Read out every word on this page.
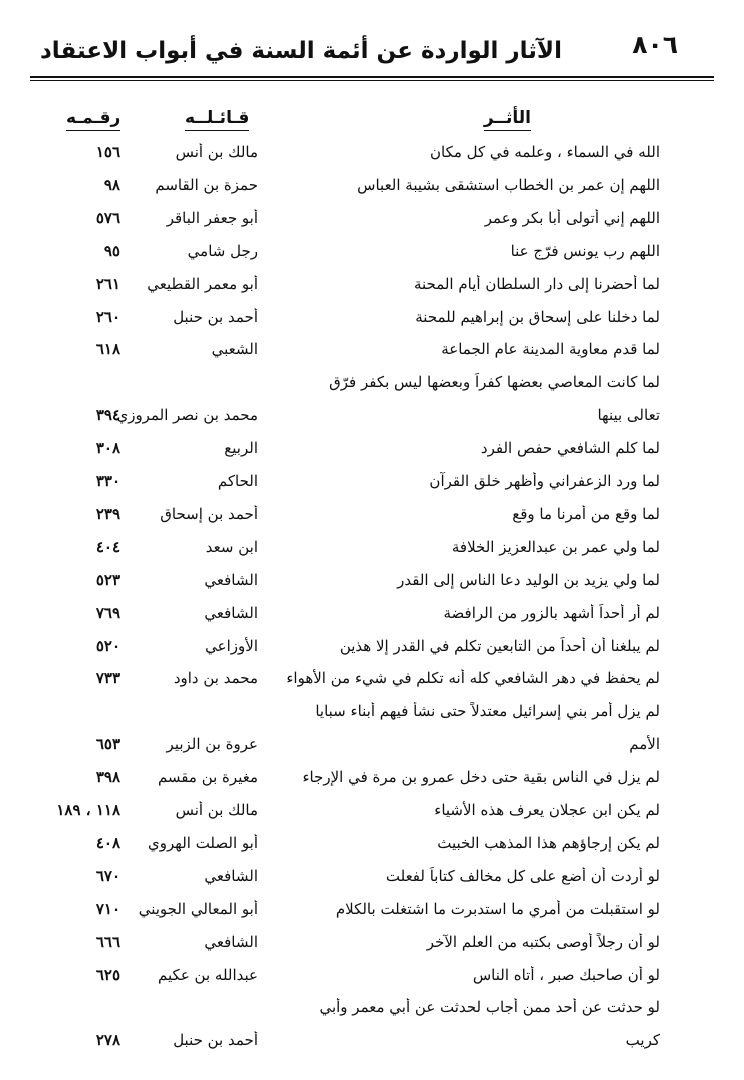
٨٠٦
الآثار الواردة عن أئمة السنة في أبواب الاعتقاد
الأثــر
قـائـلــه
رقـمـه
الله في السماء ، وعلمه في كل مكان
مالك بن أنس
١٥٦
اللهم إن عمر بن الخطاب استشقى بشيبة العباس
حمزة بن القاسم
٩٨
اللهم إني أتولى أبا بكر وعمر
أبو جعفر الباقر
٥٧٦
اللهم رب يونس فرّج عنا
رجل شامي
٩٥
لما أحضرنا إلى دار السلطان أيام المحنة
أبو معمر القطيعي
٢٦١
لما دخلنا على إسحاق بن إبراهيم للمحنة
أحمد بن حنبل
٢٦٠
لما قدم معاوية المدينة عام الجماعة
الشعبي
٦١٨
لما كانت المعاصي بعضها كفراً وبعضها ليس بكفر فرّق
تعالى بينها
محمد بن نصر المروزي
٣٩٤
لما كلم الشافعي حفص الفرد
الربيع
٣٠٨
لما ورد الزعفراني وأظهر خلق القرآن
الحاكم
٣٣٠
لما وقع من أمرنا ما وقع
أحمد بن إسحاق
٢٣٩
لما ولي عمر بن عبدالعزيز الخلافة
ابن سعد
٤٠٤
لما ولي يزيد بن الوليد دعا الناس إلى القدر
الشافعي
٥٢٣
لم أر أحداً أشهد بالزور من الرافضة
الشافعي
٧٦٩
لم يبلغنا أن أحداً من التابعين تكلم في القدر إلا هذين
الأوزاعي
٥٢٠
لم يحفظ في دهر الشافعي كله أنه تكلم في شيء من الأهواء
محمد بن داود
٧٣٣
لم يزل أمر بني إسرائيل معتدلاً حتى نشأ فيهم أبناء سبايا
الأمم
عروة بن الزبير
٦٥٣
لم يزل في الناس بقية حتى دخل عمرو بن مرة في الإرجاء
مغيرة بن مقسم
٣٩٨
لم يكن ابن عجلان يعرف هذه الأشياء
مالك بن أنس
١١٨ ، ١٨٩
لم يكن إرجاؤهم هذا المذهب الخبيث
أبو الصلت الهروي
٤٠٨
لو أردت أن أضع على كل مخالف كتاباً لفعلت
الشافعي
٦٧٠
لو استقبلت من أمري ما استدبرت ما اشتغلت بالكلام
أبو المعالي الجويني
٧١٠
لو أن رجلاً أوصى بكتبه من العلم الآخر
الشافعي
٦٦٦
لو أن صاحبك صبر ، أتاه الناس
عبدالله بن عكيم
٦٢٥
لو حدثت عن أحد ممن أجاب لحدثت عن أبي معمر وأبي
كريب
أحمد بن حنبل
٢٧٨
